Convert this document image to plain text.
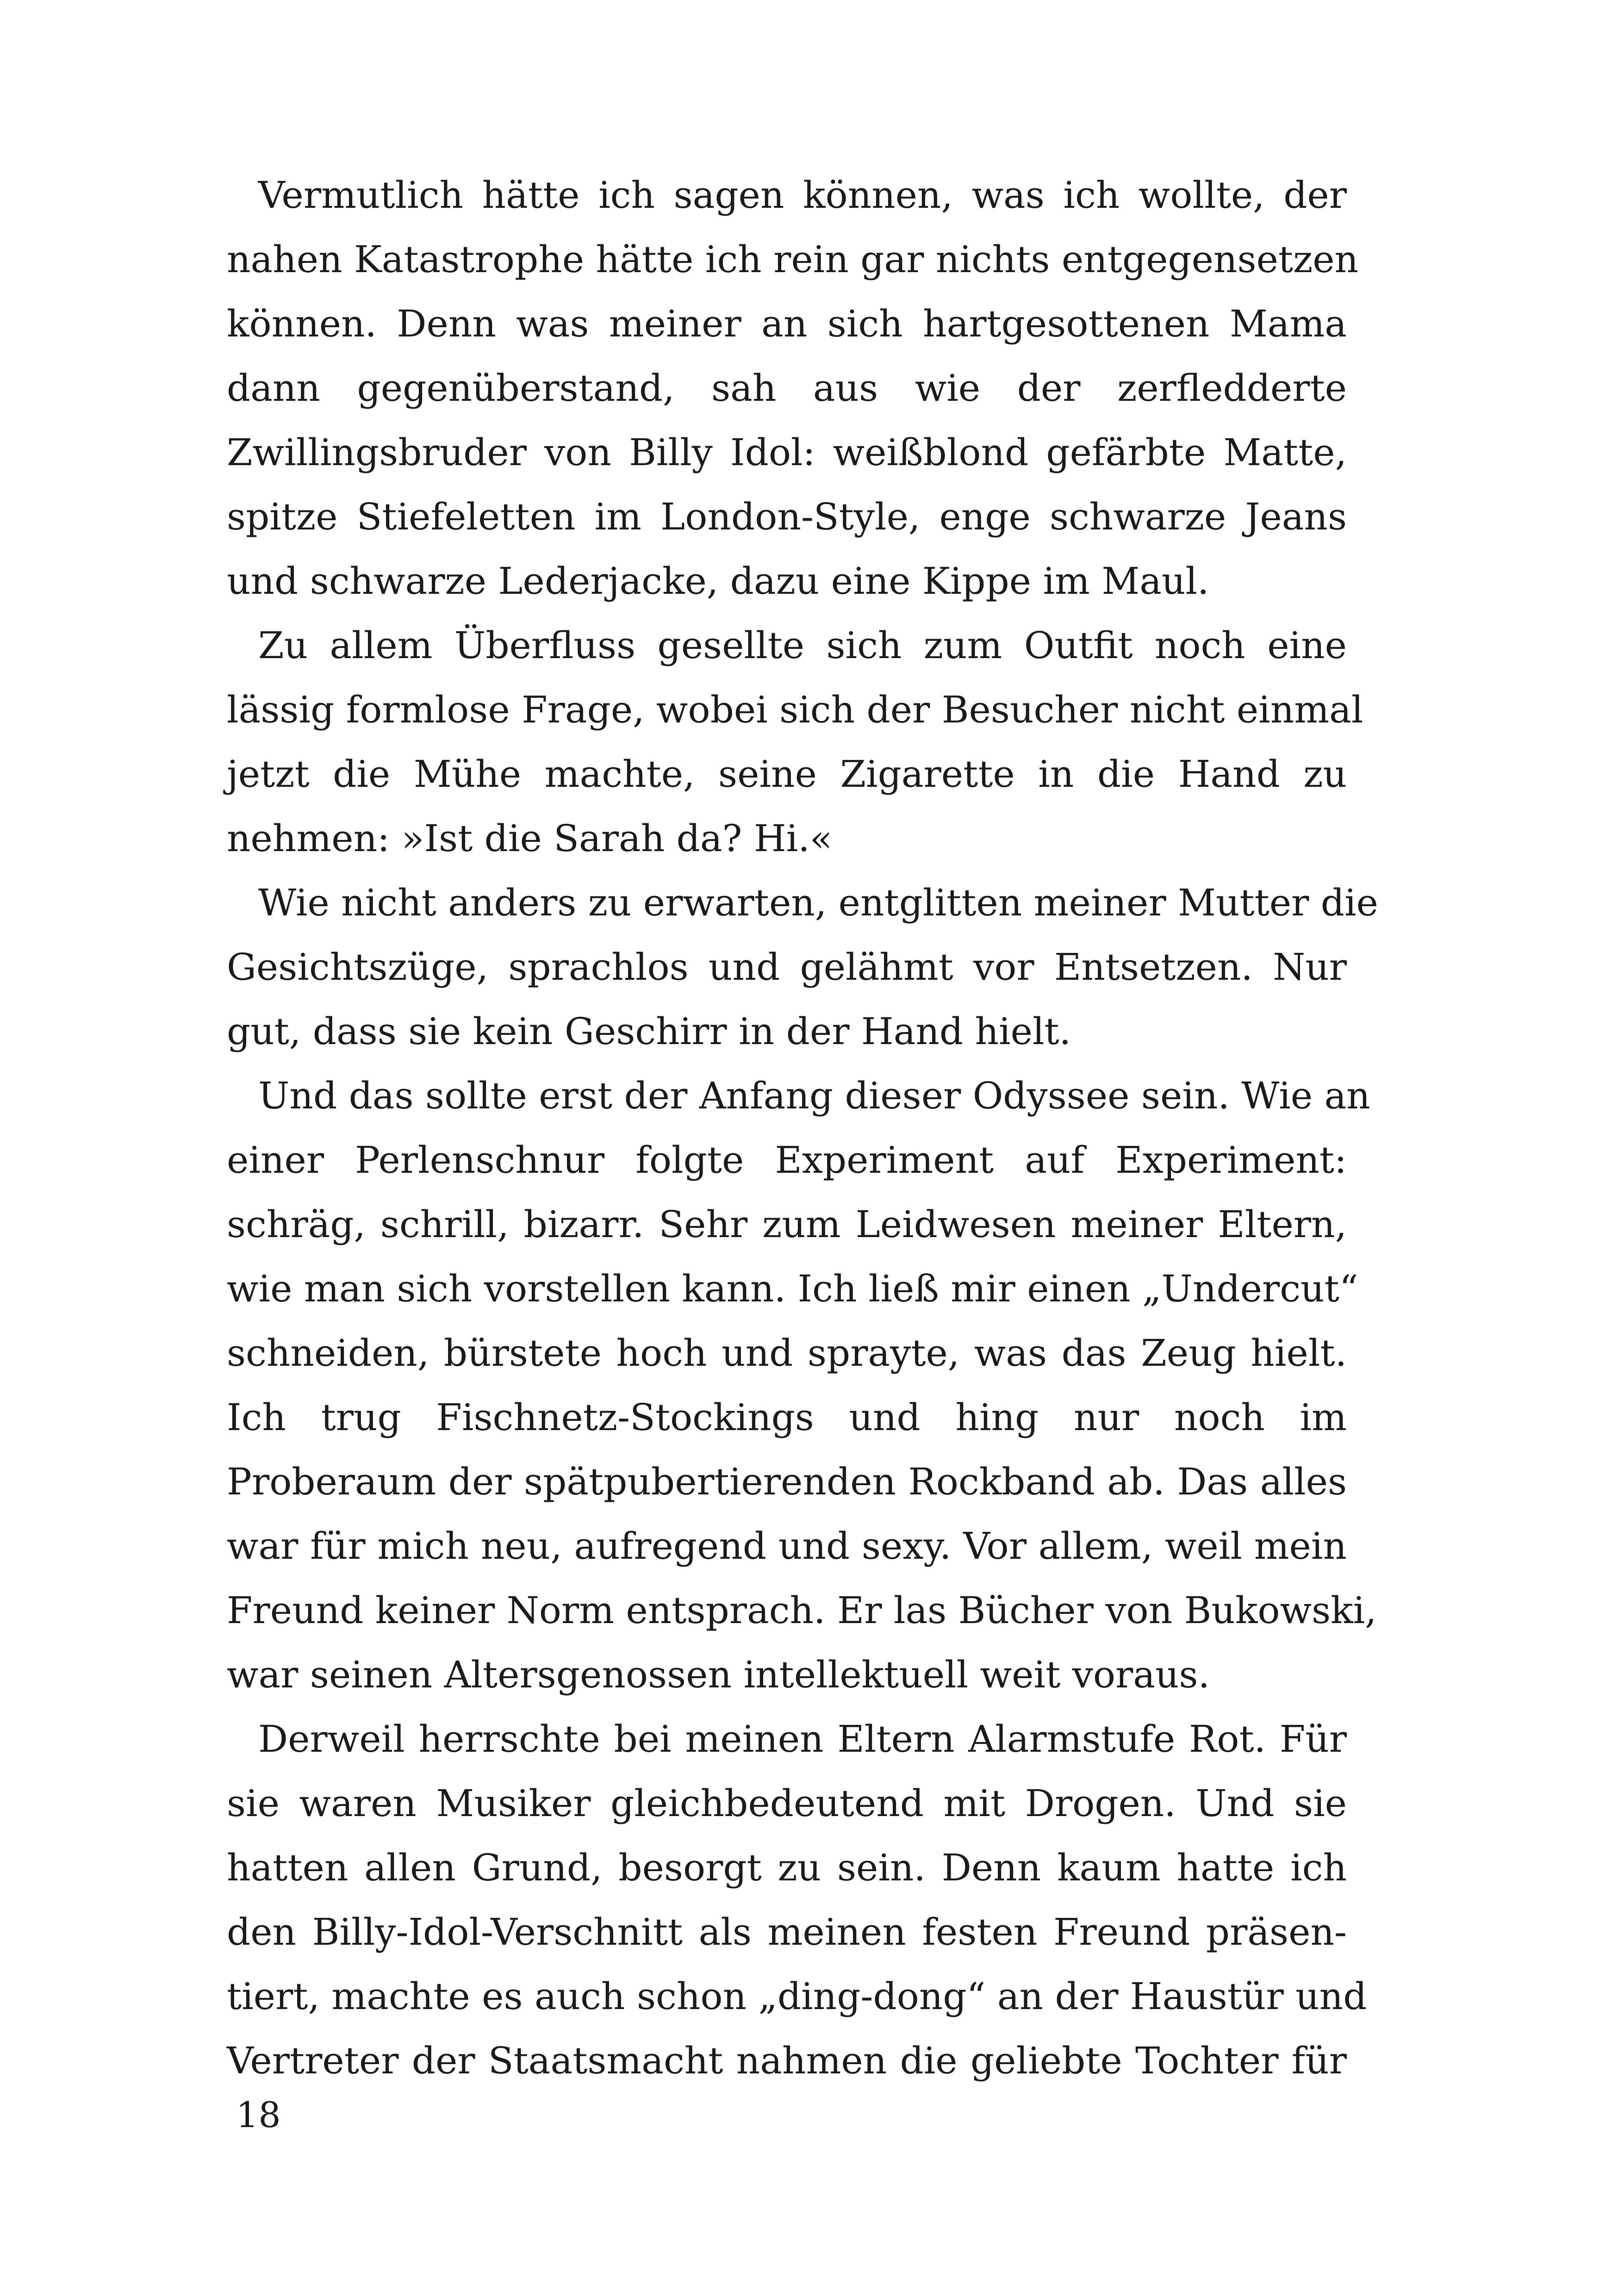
Vermutlich hätte ich sagen können, was ich wollte, der
nahen Katastrophe hätte ich rein gar nichts entgegensetzen
können. Denn was meiner an sich hartgesottenen Mama
dann gegenüberstand, sah aus wie der zerfledderte
Zwillingsbruder von Billy Idol: weißblond gefärbte Matte,
spitze Stiefeletten im London-Style, enge schwarze Jeans
und schwarze Lederjacke, dazu eine Kippe im Maul.
Zu allem Überfluss gesellte sich zum Outfit noch eine
lässig formlose Frage, wobei sich der Besucher nicht einmal
jetzt die Mühe machte, seine Zigarette in die Hand zu
nehmen: »Ist die Sarah da? Hi.«
Wie nicht anders zu erwarten, entglitten meiner Mutter die
Gesichtszüge, sprachlos und gelähmt vor Entsetzen. Nur
gut, dass sie kein Geschirr in der Hand hielt.
Und das sollte erst der Anfang dieser Odyssee sein. Wie an
einer Perlenschnur folgte Experiment auf Experiment:
schräg, schrill, bizarr. Sehr zum Leidwesen meiner Eltern,
wie man sich vorstellen kann. Ich ließ mir einen „Undercut“
schneiden, bürstete hoch und sprayte, was das Zeug hielt.
Ich trug Fischnetz-Stockings und hing nur noch im
Proberaum der spätpubertierenden Rockband ab. Das alles
war für mich neu, aufregend und sexy. Vor allem, weil mein
Freund keiner Norm entsprach. Er las Bücher von Bukowski,
war seinen Altersgenossen intellektuell weit voraus.
Derweil herrschte bei meinen Eltern Alarmstufe Rot. Für
sie waren Musiker gleichbedeutend mit Drogen. Und sie
hatten allen Grund, besorgt zu sein. Denn kaum hatte ich
den Billy-Idol-Verschnitt als meinen festen Freund präsen-
tiert, machte es auch schon „ding-dong“ an der Haustür und
Vertreter der Staatsmacht nahmen die geliebte Tochter für
18
